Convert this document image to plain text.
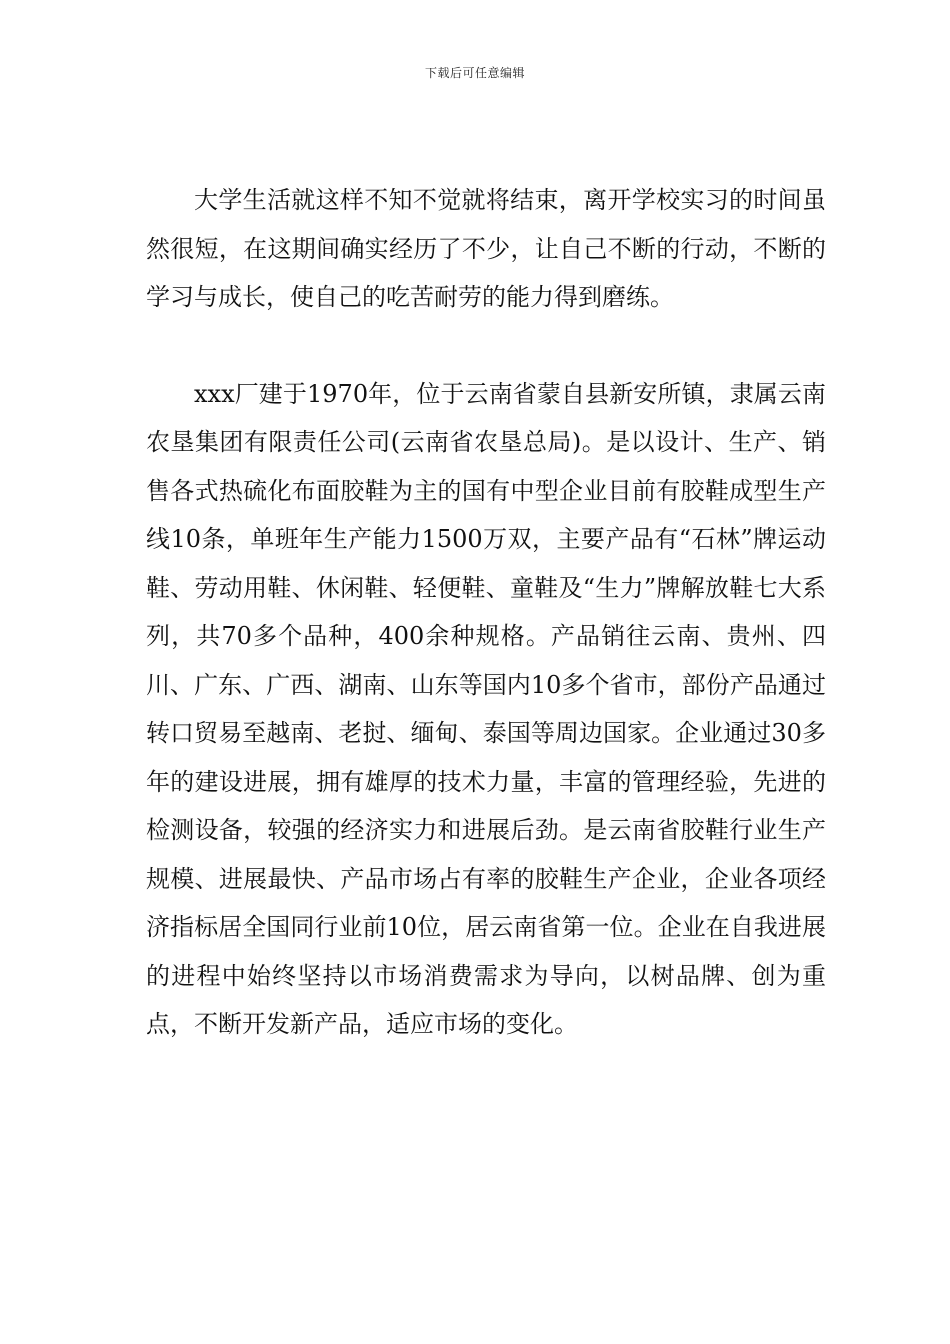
下载后可任意编辑

大学生活就这样不知不觉就将结束，离开学校实习的时间虽然很短，在这期间确实经历了不少，让自己不断的行动，不断的学习与成长，使自己的吃苦耐劳的能力得到磨练。

xxx厂建于1970年，位于云南省蒙自县新安所镇，隶属云南农垦集团有限责任公司(云南省农垦总局)。是以设计、生产、销售各式热硫化布面胶鞋为主的国有中型企业目前有胶鞋成型生产线10条，单班年生产能力1500万双，主要产品有“石林”牌运动鞋、劳动用鞋、休闲鞋、轻便鞋、童鞋及“生力”牌解放鞋七大系列，共70多个品种，400余种规格。产品销往云南、贵州、四川、广东、广西、湖南、山东等国内10多个省市，部份产品通过转口贸易至越南、老挝、缅甸、泰国等周边国家。企业通过30多年的建设进展，拥有雄厚的技术力量，丰富的管理经验，先进的检测设备，较强的经济实力和进展后劲。是云南省胶鞋行业生产规模、进展最快、产品市场占有率的胶鞋生产企业，企业各项经济指标居全国同行业前10位，居云南省第一位。企业在自我进展的进程中始终坚持以市场消费需求为导向，以树品牌、创为重点，不断开发新产品，适应市场的变化。
